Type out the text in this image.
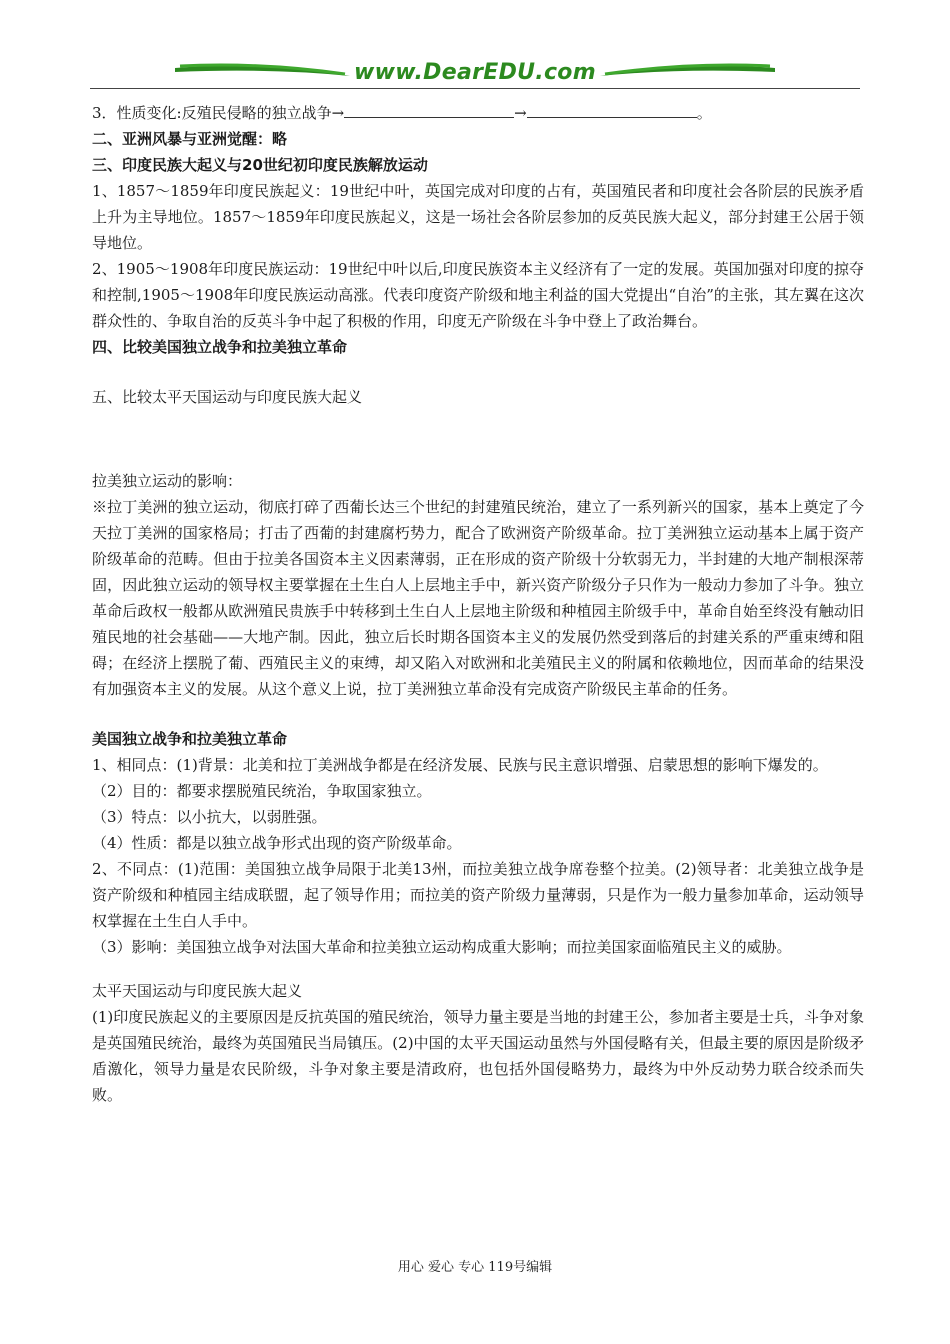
www.DearEDU.com

3．性质变化:反殖民侵略的独立战争→	→	。

二、亚洲风暴与亚洲觉醒：略

三、印度民族大起义与20世纪初印度民族解放运动

1、1857～1859年印度民族起义：19世纪中叶，英国完成对印度的占有，英国殖民者和印度社会各阶层的民族矛盾上升为主导地位。1857～1859年印度民族起义，这是一场社会各阶层参加的反英民族大起义，部分封建王公居于领导地位。

2、1905～1908年印度民族运动：19世纪中叶以后,印度民族资本主义经济有了一定的发展。英国加强对印度的掠夺和控制,1905～1908年印度民族运动高涨。代表印度资产阶级和地主利益的国大党提出“自治”的主张，其左翼在这次群众性的、争取自治的反英斗争中起了积极的作用，印度无产阶级在斗争中登上了政治舞台。

四、比较美国独立战争和拉美独立革命

五、比较太平天国运动与印度民族大起义

拉美独立运动的影响：

※拉丁美洲的独立运动，彻底打碎了西葡长达三个世纪的封建殖民统治，建立了一系列新兴的国家，基本上奠定了今天拉丁美洲的国家格局；打击了西葡的封建腐朽势力，配合了欧洲资产阶级革命。拉丁美洲独立运动基本上属于资产阶级革命的范畴。但由于拉美各国资本主义因素薄弱，正在形成的资产阶级十分软弱无力，半封建的大地产制根深蒂固，因此独立运动的领导权主要掌握在土生白人上层地主手中，新兴资产阶级分子只作为一般动力参加了斗争。独立革命后政权一般都从欧洲殖民贵族手中转移到土生白人上层地主阶级和种植园主阶级手中，革命自始至终没有触动旧殖民地的社会基础——大地产制。因此，独立后长时期各国资本主义的发展仍然受到落后的封建关系的严重束缚和阻碍；在经济上摆脱了葡、西殖民主义的束缚，却又陷入对欧洲和北美殖民主义的附属和依赖地位，因而革命的结果没有加强资本主义的发展。从这个意义上说，拉丁美洲独立革命没有完成资产阶级民主革命的任务。

美国独立战争和拉美独立革命

1、相同点：(1)背景：北美和拉丁美洲战争都是在经济发展、民族与民主意识增强、启蒙思想的影响下爆发的。

（2）目的：都要求摆脱殖民统治，争取国家独立。

（3）特点：以小抗大，以弱胜强。

（4）性质：都是以独立战争形式出现的资产阶级革命。

2、不同点：(1)范围：美国独立战争局限于北美13州，而拉美独立战争席卷整个拉美。(2)领导者：北美独立战争是资产阶级和种植园主结成联盟，起了领导作用；而拉美的资产阶级力量薄弱，只是作为一般力量参加革命，运动领导权掌握在土生白人手中。

（3）影响：美国独立战争对法国大革命和拉美独立运动构成重大影响；而拉美国家面临殖民主义的威胁。

太平天国运动与印度民族大起义

(1)印度民族起义的主要原因是反抗英国的殖民统治，领导力量主要是当地的封建王公，参加者主要是士兵，斗争对象是英国殖民统治，最终为英国殖民当局镇压。(2)中国的太平天国运动虽然与外国侵略有关，但最主要的原因是阶级矛盾激化，领导力量是农民阶级，斗争对象主要是清政府，也包括外国侵略势力，最终为中外反动势力联合绞杀而失败。

用心 爱心 专心 119号编辑
